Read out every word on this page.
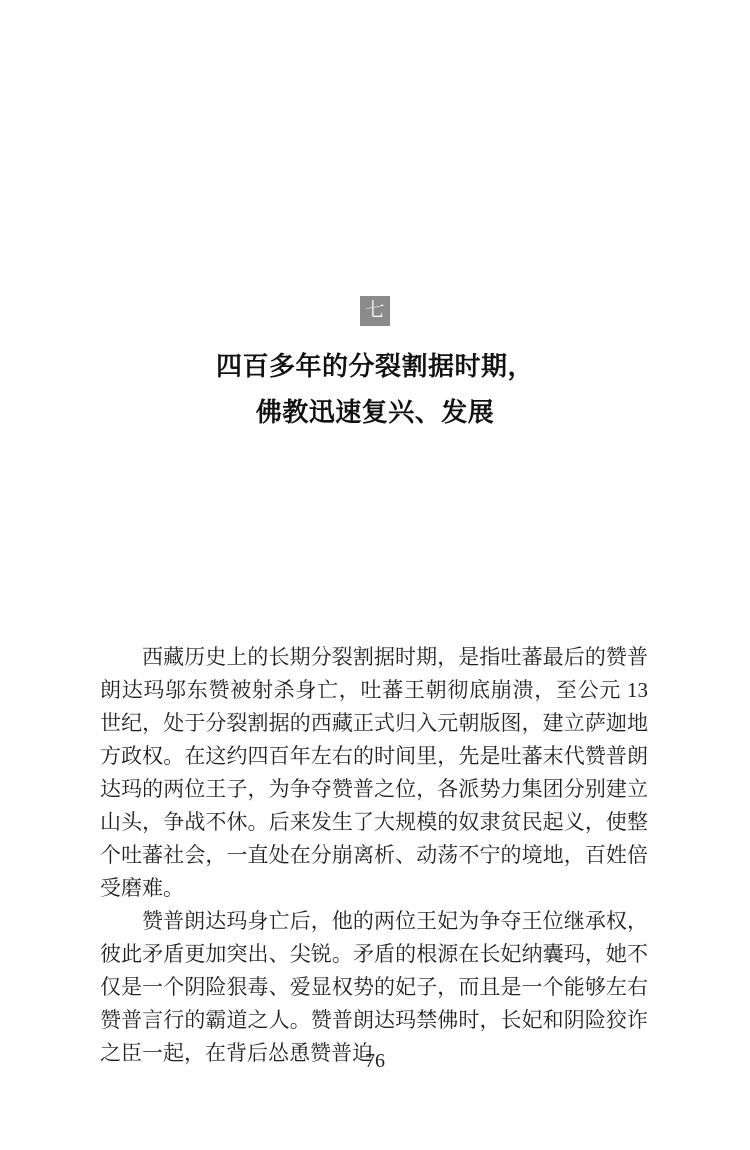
七
四百多年的分裂割据时期，
佛教迅速复兴、发展

西藏历史上的长期分裂割据时期，是指吐蕃最后的赞普朗达玛邬东赞被射杀身亡，吐蕃王朝彻底崩溃，至公元 13 世纪，处于分裂割据的西藏正式归入元朝版图，建立萨迦地方政权。在这约四百年左右的时间里，先是吐蕃末代赞普朗达玛的两位王子，为争夺赞普之位，各派势力集团分别建立山头，争战不休。后来发生了大规模的奴隶贫民起义，使整个吐蕃社会，一直处在分崩离析、动荡不宁的境地，百姓倍受磨难。

赞普朗达玛身亡后，他的两位王妃为争夺王位继承权，彼此矛盾更加突出、尖锐。矛盾的根源在长妃纳囊玛，她不仅是一个阴险狠毒、爱显权势的妃子，而且是一个能够左右赞普言行的霸道之人。赞普朗达玛禁佛时，长妃和阴险狡诈之臣一起，在背后怂恿赞普迫

76
